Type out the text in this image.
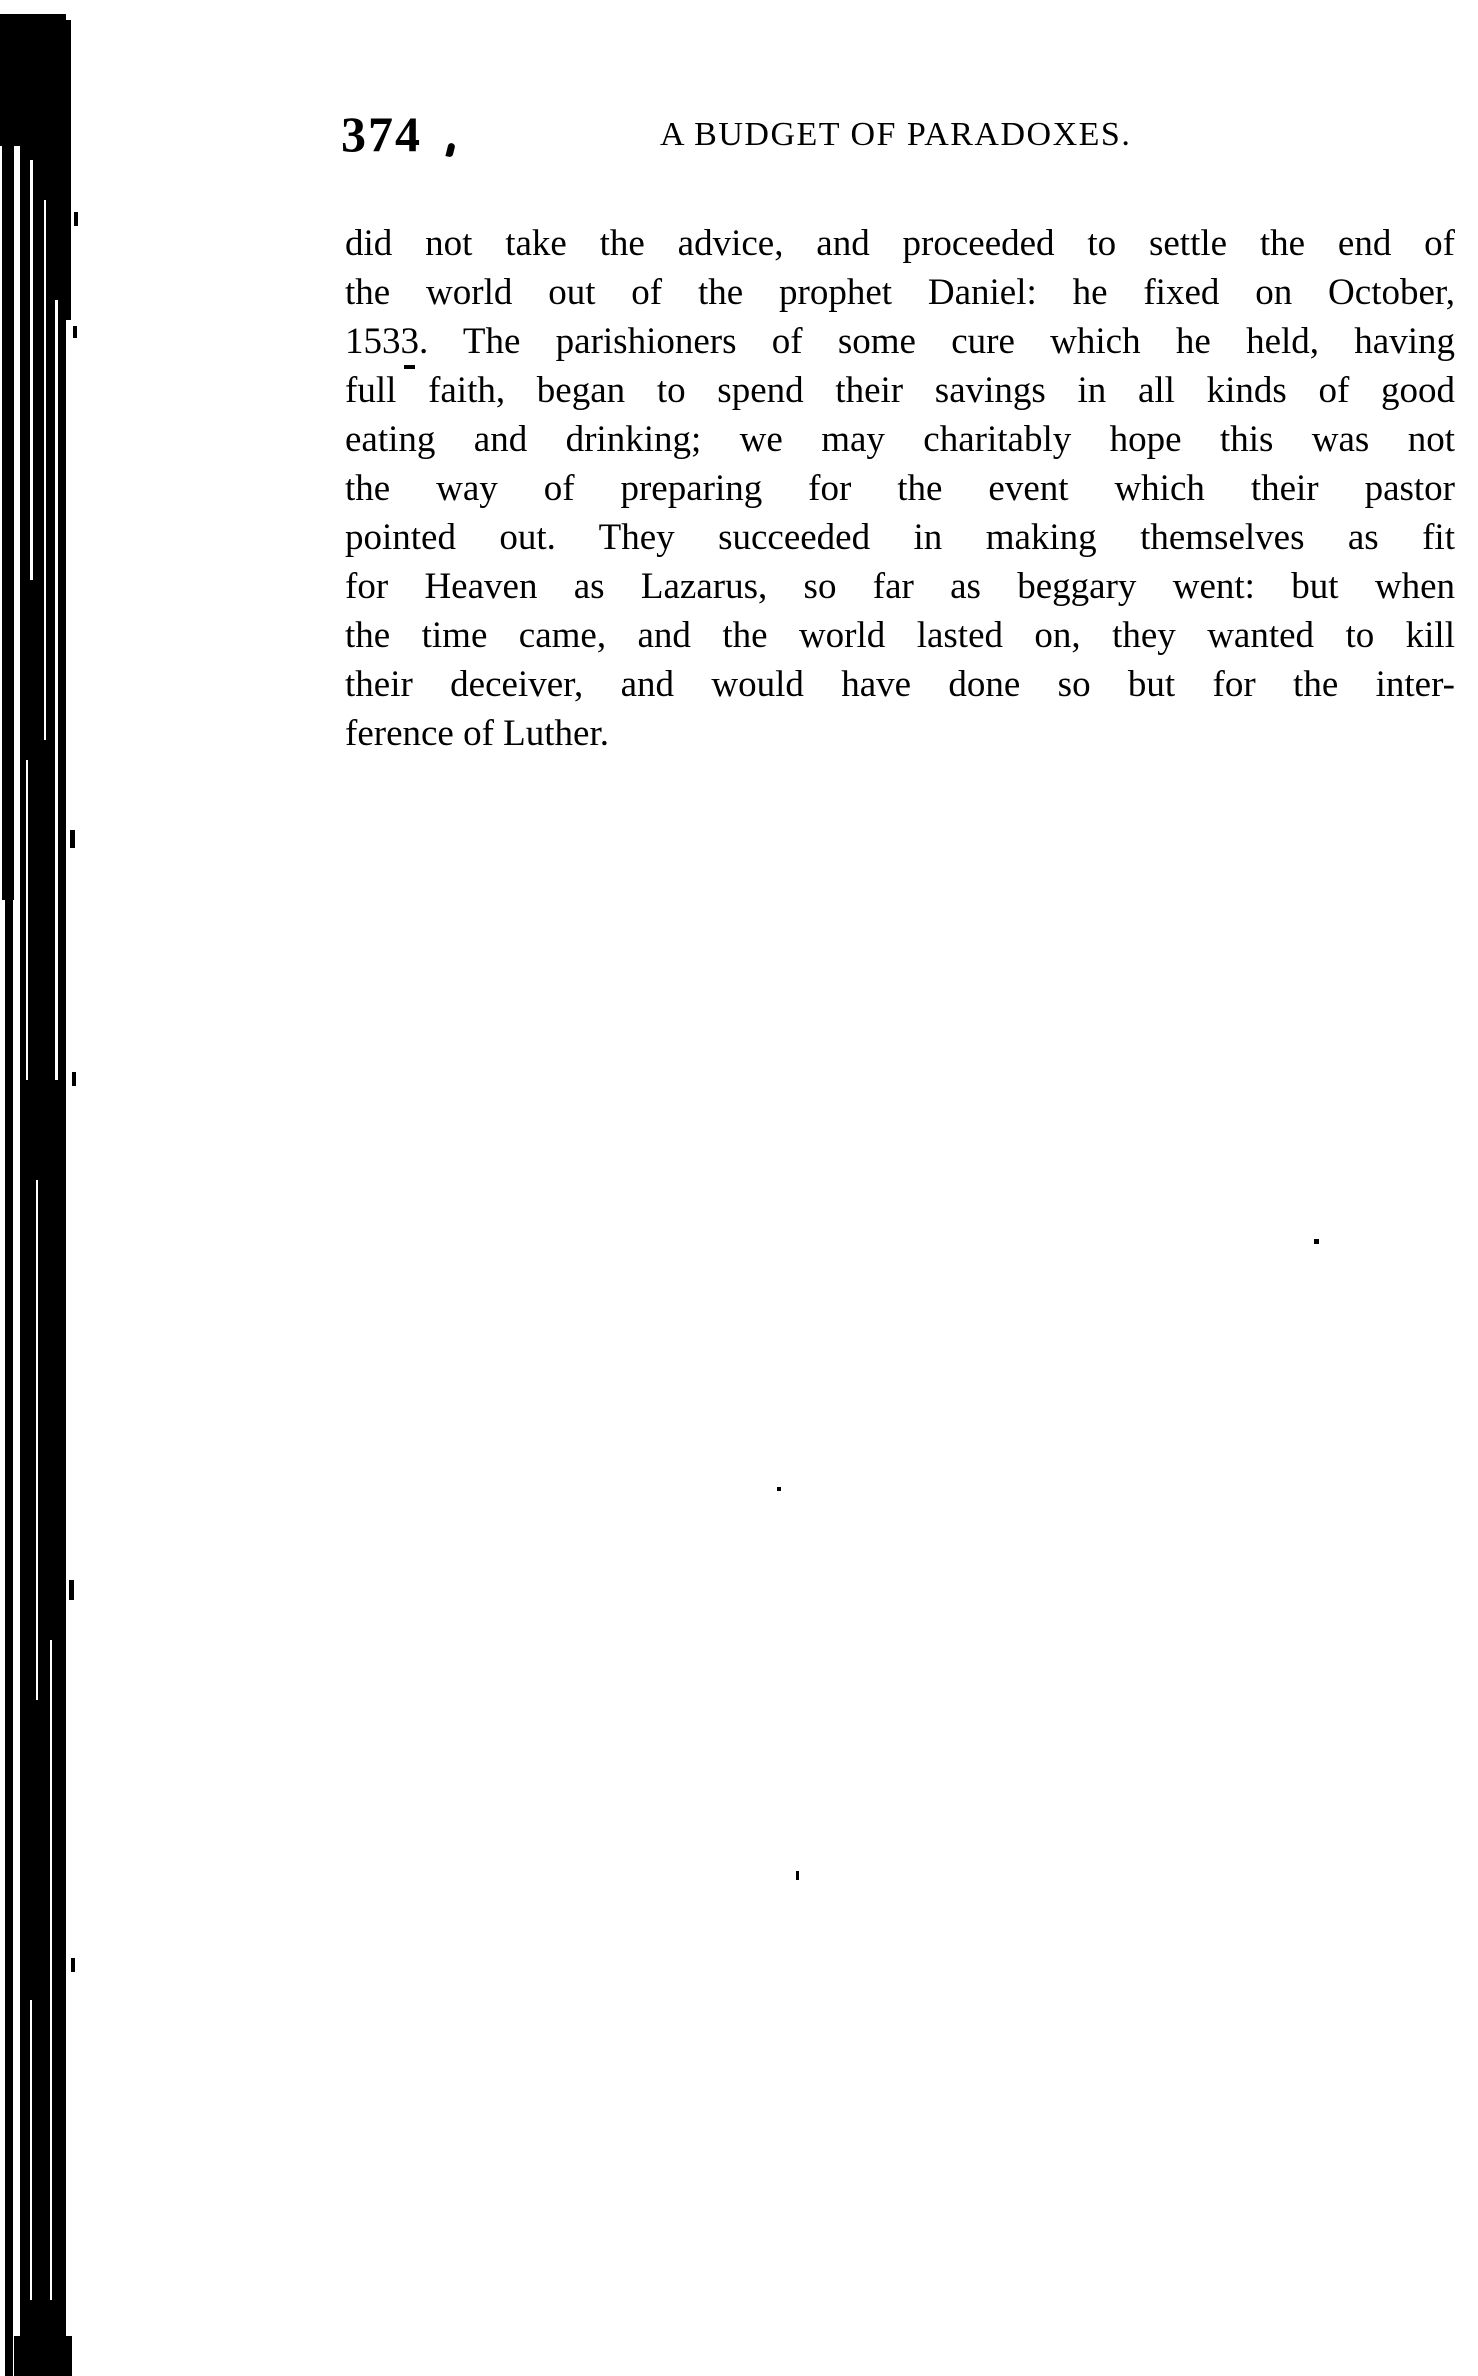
374	A BUDGET OF PARADOXES.
did not take the advice, and proceeded to settle the end of
the world out of the prophet Daniel: he fixed on October,
1533. The parishioners of some cure which he held, having
full faith, began to spend their savings in all kinds of good
eating and drinking; we may charitably hope this was not
the way of preparing for the event which their pastor
pointed out. They succeeded in making themselves as fit
for Heaven as Lazarus, so far as beggary went: but when
the time came, and the world lasted on, they wanted to kill
their deceiver, and would have done so but for the inter-
ference of Luther.
